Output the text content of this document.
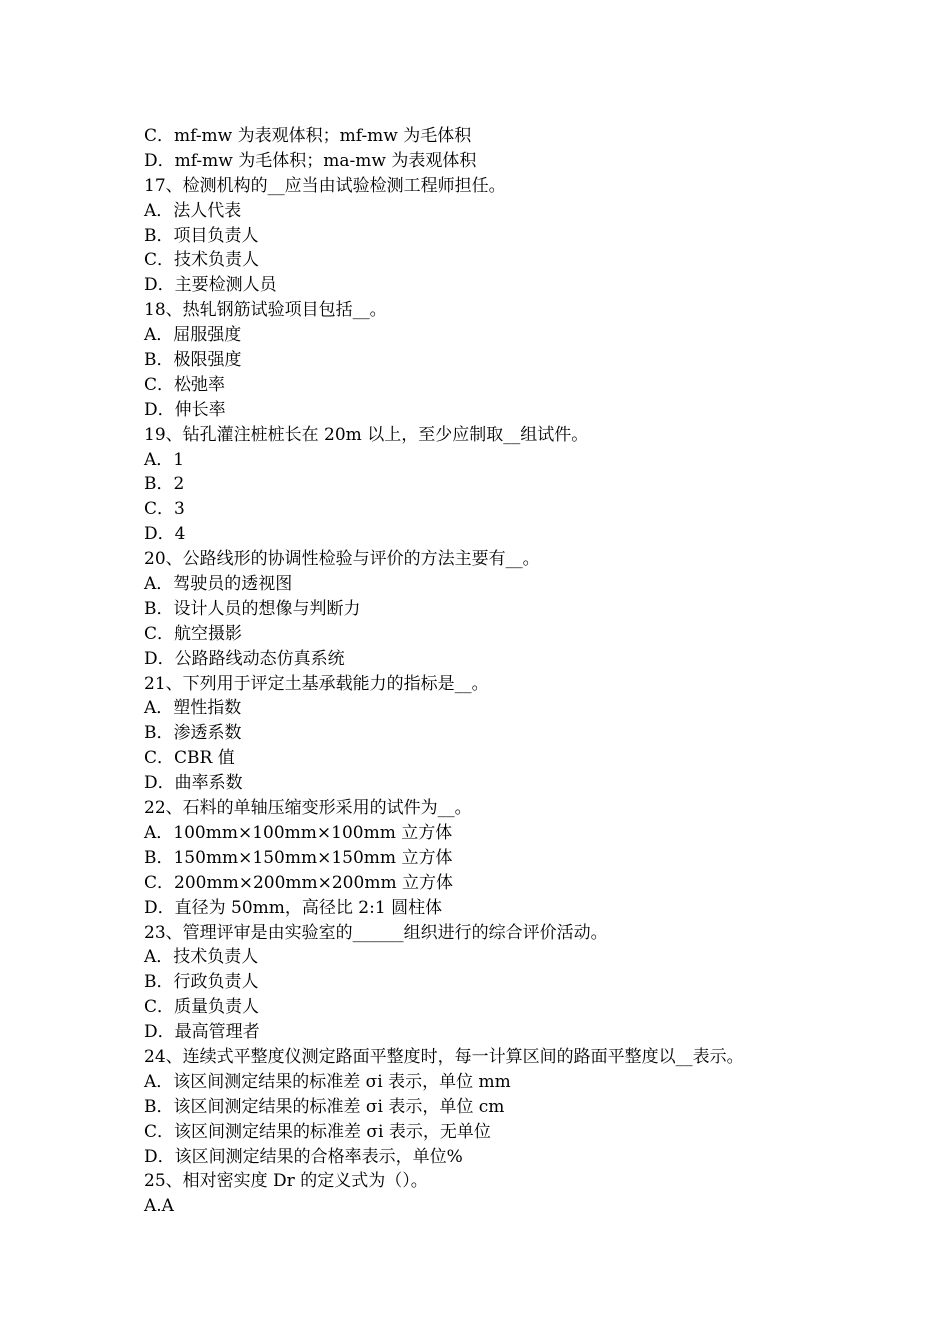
C．mf-mw 为表观体积；mf-mw 为毛体积
D．mf-mw 为毛体积；ma-mw 为表观体积
17、检测机构的__应当由试验检测工程师担任。
A．法人代表
B．项目负责人
C．技术负责人
D．主要检测人员
18、热轧钢筋试验项目包括__。
A．屈服强度
B．极限强度
C．松弛率
D．伸长率
19、钻孔灌注桩桩长在 20m 以上，至少应制取__组试件。
A．1
B．2
C．3
D．4
20、公路线形的协调性检验与评价的方法主要有__。
A．驾驶员的透视图
B．设计人员的想像与判断力
C．航空摄影
D．公路路线动态仿真系统
21、下列用于评定土基承载能力的指标是__。
A．塑性指数
B．渗透系数
C．CBR 值
D．曲率系数
22、石料的单轴压缩变形采用的试件为__。
A．100mm×100mm×100mm 立方体
B．150mm×150mm×150mm 立方体
C．200mm×200mm×200mm 立方体
D．直径为 50mm，高径比 2:1 圆柱体
23、管理评审是由实验室的______组织进行的综合评价活动。
A．技术负责人
B．行政负责人
C．质量负责人
D．最高管理者
24、连续式平整度仪测定路面平整度时，每一计算区间的路面平整度以__表示。
A．该区间测定结果的标准差 σi 表示，单位 mm
B．该区间测定结果的标准差 σi 表示，单位 cm
C．该区间测定结果的标准差 σi 表示，无单位
D．该区间测定结果的合格率表示，单位%
25、相对密实度 Dr 的定义式为（）。
A.A
